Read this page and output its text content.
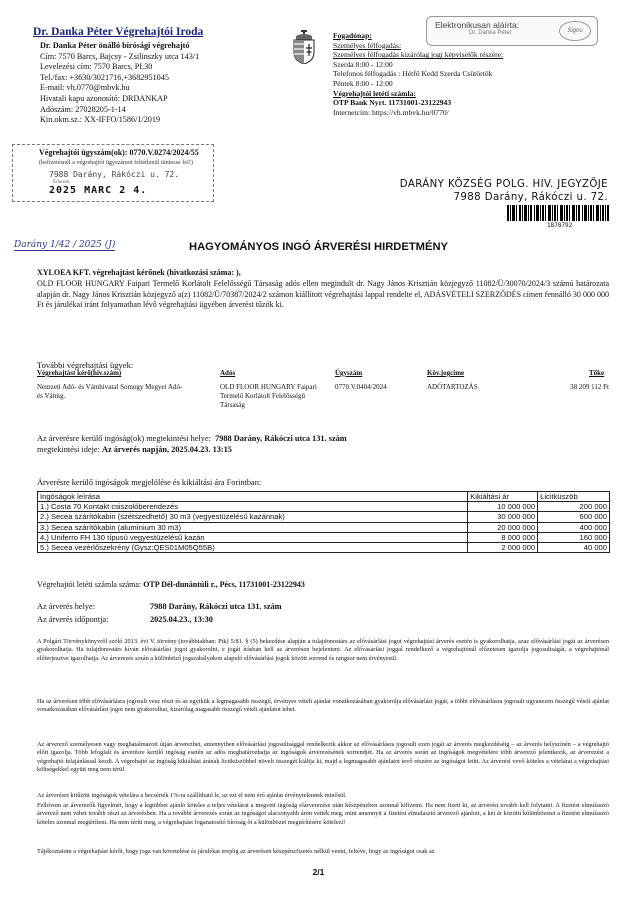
Dr. Danka Péter Végrehajtói Iroda
Dr. Danka Péter önálló bírósági végrehajtó
Cím: 7570 Barcs, Bajcsy - Zsilinszky utca 143/1
Levelezési cím: 7570 Barcs, Pf.30
Tel./fax: +3630/3021716,+3682951045
E-mail: vh.0770@mbvk.hu
Hivatali kapu azonosító: DRDANKAP
Adószám: 27028205-1-14
Kin.okm.sz.: XX-IFFO/1586/1/2019
Fogadónap:
Személyes félfogadás:
Személyes félfogadás kizárólag jogi képviselők részére:
Szerda 8:00 - 12:00
Telefonos félfogadás : Hétfő Kedd Szerda Csütörtök
Péntek 8:00 - 12:00
Végrehajtói letéti számla:
OTP Bank Nyrt. 11731001-23122943
Internetcím: https://vh.mbvk.hu/0770/
Elektronikusan aláírta:
Dr. Danka Péter	Signo
Végrehajtói ügyszám(ok): 0770.V.0274/2024/55
(befizetésnél a végrehajtói ügyszámot feltétlenül tüntesse fel!)
7988 Darány, Rákóczi u. 72.
Érkezett
2025 MARC 2 4.
Darány 1/42 / 2025 (J)
DARÁNY KÖZSÉG POLG. HIV. JEGYZŐJE
7988 Darány, Rákóczi u. 72.
1878792
HAGYOMÁNYOS INGÓ ÁRVERÉSI HIRDETMÉNY
XYLOEA KFT. végrehajtást kérőnek (hivatkozási száma: ),
OLD FLOOR HUNGARY Faipari Termelő Korlátolt Felelősségű Társaság adós ellen megindult dr. Nagy János Krisztián közjegyző 11082/Ü/30070/2024/3 számú határozata alapján dr. Nagy János Krisztián közjegyző a(z) 11082/Ü/70387/2024/2 számon kiállított végrehajtási lappal rendelte el, ADÁSVÉTELI SZERZŐDÉS címen fennálló 30 000 000 Ft és járulékai iránt folyamatban lévő végrehajtási ügyében árverést tűzök ki.
További végrehajtási ügyek:
Végrehajtást kérő(hiv.szám)	Adós	Ügyszám	Köv.jogcíme	Tőke
Nemzeti Adó- és Vámhivatal Somogy Megyei Adó- és Vámig.
OLD FLOOR HUNGARY Faipari Termelő Korlátolt Felelősségű Társaság
0770.V.0404/2024	ADÓTARTOZÁS	38 209 112 Ft
Az árverésre kerülő ingóság(ok) megtekintési helye: 7988 Darány, Rákóczi utca 131. szám
megtekintési ideje: Az árverés napján, 2025.04.23. 13:15
Árverésre kerülő ingóságok megjelölése és kikiáltási ára Forintban:
Ingóságok leírása	Kikiáltási ár	Licitküszöb
1.) Costa 70 Kontakt csiszolóberendezés	10 000 000	200 000
2.) Secea szárítókabin (szétszedhető) 30 m3 (vegyestüzelésű kazánnak)	30 000 000	600 000
3.) Secea szárítókabin (alumínium 30 m3)	20 000 000	400 000
4.) Uniferro FH 130 típusú vegyestüzelésű kazán	8 000 000	160 000
5.) Secea vezérlőszekrény (Gysz:QES01M05Q55B)	2 000 000	40 000
Végrehajtói letéti számla száma: OTP Dél-dunántúli r., Pécs, 11731001-23122943
Az árverés helye:
Az árverés időpontja:
7988 Darány, Rákóczi utca 131. szám
2025.04.23., 13:30
A Polgári Törvénykönyvről szóló 2013. évi V. törvény (továbbiakban: Ptk) 5:81. § (5) bekezdése alapján a tulajdonostárs az elővásárlási jogot végrehajtási árverés esetén is gyakorolhatja, azaz elővásárlási jogát az árverésen gyakorolhatja. Ha tulajdonostárs kíván elővásárlási jogot gyakorolni, e jogát írásban kell az árverésen bejelenteni. Az elővásárlási joggal rendelkező a végrehajtónál előzetesen igazolja jogosultságát, a végrehajtónál előterjesztve igazolhatja. Az árverezés során a különböző jogszabályokon alapuló elővásárlási jogok között sorrend és rangsor nem érvényesül.
Ha az árverésen több elővásárlásra jogosult vesz részt és az egyikük a legmagasabb összegű, érvényes vételi ajánlat vonatkozásában gyakorolja elővásárlási jogát, a többi elővásárlásra jogosult ugyanezen összegű vételi ajánlat vonatkozásában elővásárlási jogot nem gyakorolhat, kizárólag magasabb összegű vételi ajánlatot tehet.
Az árverező személyesen vagy meghatalmazott útján árverezhet, amennyiben elővásárlási jogosultsággal rendelkezik akkor az elővásárlásra jogosult ezen jogát az árverés megkezdéséig – az árverés helyszínén – a végrehajtó előtt igazolja. Több lefoglalt és árverésre kerülő ingóság esetén az adós meghatározhatja az ingóságok árverezésének sorrendjét. Ha az árverés során az ingóságok megvételére több árverező jelentkezik, az árverezést a végrehajtó felajánlással kezdi. A végrehajtó az ingóság kikiáltási árának licitküszöbbel növelt összegét kiáltja ki, majd a legmagasabb ajánlatot tevő részére az ingóságot leüti. Az árverési vevő köteles a vételárat a végrehajtási költségekkel együtt meg nem térül.
Az árverésre kitűzött ingóságok vételára a becsérték 1%-ra szállítható le, az ezt el nem érő ajánlat érvénytelennek minősül.
Felhívom az árverezők figyelmét, hogy a legtöbbet ajánló köteles a teljes vételárat a megvett ingóság elárverezése után készpénzben azonnal kifizetni. Ha nem fizeti ki, az árverést tovább kell folytatni. A fizetést elmulasztó árverező nem vehet tovább részt az árverésben. Ha a további árverezés során az ingóságot alacsonyabb áron vették meg, mint amennyit a fizetést elmulasztó árverező ajánlott, a két ár közötti különbözetet a fizetést elmulasztó köteles azonnal megtéríteni. Ha nem téríti meg, a végrehajtást foganatosító bíróság őt a különbözet megtérítésére kötelezi!
Tájékoztatom a végrehajtást kérőt, hogy joga van követelése és járulékai erejéig az árverésen készpénzfizetés nélkül venni, feltéve, hogy az ingóságot csak az
2/1
